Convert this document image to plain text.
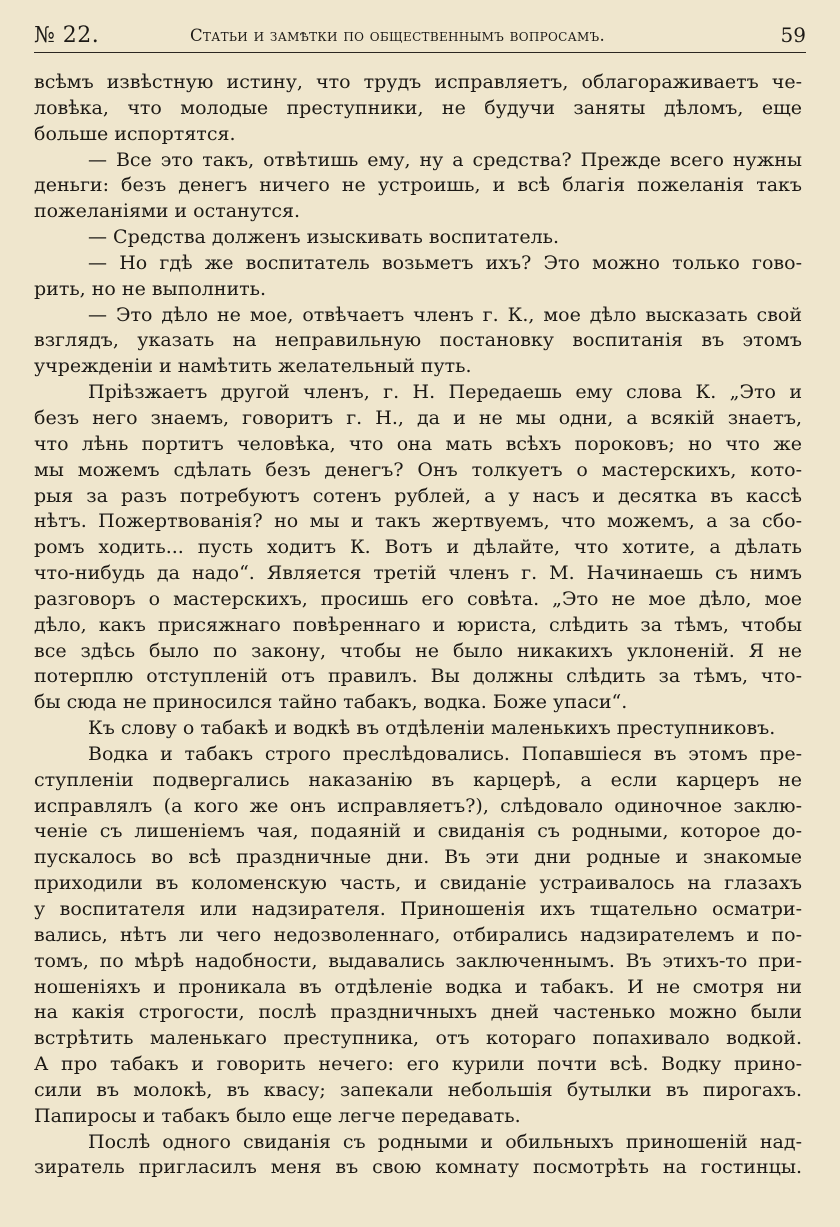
№ 22.	Статьи и замѣтки по общественнымъ вопросамъ.	59
всѣмъ извѣстную истину, что трудъ исправляетъ, облагораживаетъ че-
ловѣка, что молодые преступники, не будучи заняты дѣломъ, еще
больше испортятся.
— Все это такъ, отвѣтишь ему, ну а средства? Прежде всего нужны
деньги: безъ денегъ ничего не устроишь, и всѣ благія пожеланія такъ
пожеланіями и останутся.
— Средства долженъ изыскивать воспитатель.
— Но гдѣ же воспитатель возьметъ ихъ? Это можно только гово-
рить, но не выполнить.
— Это дѣло не мое, отвѣчаетъ членъ г. К., мое дѣло высказать свой
взглядъ, указать на неправильную постановку воспитанія въ этомъ
учрежденіи и намѣтить желательный путь.
Пріѣзжаетъ другой членъ, г. Н. Передаешь ему слова К. „Это и
безъ него знаемъ, говоритъ г. Н., да и не мы одни, а всякій знаетъ,
что лѣнь портитъ человѣка, что она мать всѣхъ пороковъ; но что же
мы можемъ сдѣлать безъ денегъ? Онъ толкуетъ о мастерскихъ, кото-
рыя за разъ потребуютъ сотенъ рублей, а у насъ и десятка въ кассѣ
нѣтъ. Пожертвованія? но мы и такъ жертвуемъ, что можемъ, а за сбо-
ромъ ходить... пусть ходитъ К. Вотъ и дѣлайте, что хотите, а дѣлать
что-нибудь да надо“. Является третій членъ г. М. Начинаешь съ нимъ
разговоръ о мастерскихъ, просишь его совѣта. „Это не мое дѣло, мое
дѣло, какъ присяжнаго повѣреннаго и юриста, слѣдить за тѣмъ, чтобы
все здѣсь было по закону, чтобы не было никакихъ уклоненій. Я не
потерплю отступленій отъ правилъ. Вы должны слѣдить за тѣмъ, что-
бы сюда не приносился тайно табакъ, водка. Боже упаси“.
Къ слову о табакѣ и водкѣ въ отдѣленіи маленькихъ преступниковъ.
Водка и табакъ строго преслѣдовались. Попавшіеся въ этомъ пре-
ступленіи подвергались наказанію въ карцерѣ, а если карцеръ не
исправлялъ (а кого же онъ исправляетъ?), слѣдовало одиночное заклю-
ченіе съ лишеніемъ чая, подаяній и свиданія съ родными, которое до-
пускалось во всѣ праздничные дни. Въ эти дни родные и знакомые
приходили въ коломенскую часть, и свиданіе устраивалось на глазахъ
у воспитателя или надзирателя. Приношенія ихъ тщательно осматри-
вались, нѣтъ ли чего недозволеннаго, отбирались надзирателемъ и по-
томъ, по мѣрѣ надобности, выдавались заключеннымъ. Въ этихъ-то при-
ношеніяхъ и проникала въ отдѣленіе водка и табакъ. И не смотря ни
на какія строгости, послѣ праздничныхъ дней частенько можно были
встрѣтить маленькаго преступника, отъ котораго попахивало водкой.
А про табакъ и говорить нечего: его курили почти всѣ. Водку прино-
сили въ молокѣ, въ квасу; запекали небольшія бутылки въ пирогахъ.
Папиросы и табакъ было еще легче передавать.
Послѣ одного свиданія съ родными и обильныхъ приношеній над-
зиратель пригласилъ меня въ свою комнату посмотрѣть на гостинцы.
